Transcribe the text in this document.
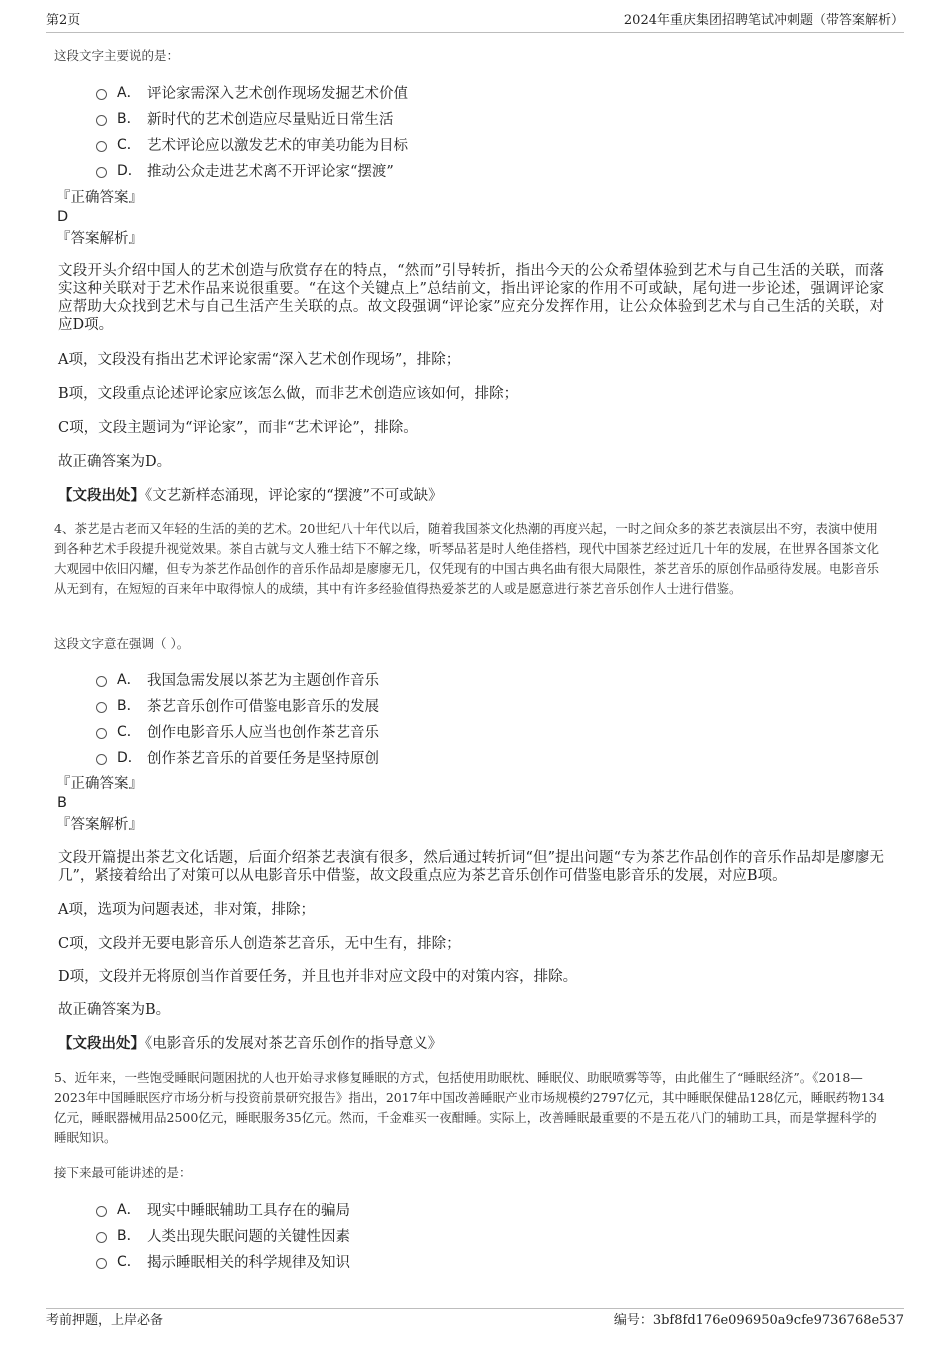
第2页	2024年重庆集团招聘笔试冲刺题（带答案解析）
这段文字主要说的是：
A． 评论家需深入艺术创作现场发掘艺术价值
B． 新时代的艺术创造应尽量贴近日常生活
C． 艺术评论应以激发艺术的审美功能为目标
D． 推动公众走进艺术离不开评论家“摆渡”
『正确答案』
D
『答案解析』
文段开头介绍中国人的艺术创造与欣赏存在的特点，“然而”引导转折，指出今天的公众希望体验到艺术与自己生活的关联，而落实这种关联对于艺术作品来说很重要。“在这个关键点上”总结前文，指出评论家的作用不可或缺，尾句进一步论述，强调评论家应帮助大众找到艺术与自己生活产生关联的点。故文段强调“评论家”应充分发挥作用，让公众体验到艺术与自己生活的关联，对应D项。
A项，文段没有指出艺术评论家需“深入艺术创作现场”，排除；
B项，文段重点论述评论家应该怎么做，而非艺术创造应该如何，排除；
C项，文段主题词为“评论家”，而非“艺术评论”，排除。
故正确答案为D。
【文段出处】《文艺新样态涌现，评论家的“摆渡”不可或缺》
4、茶艺是古老而又年轻的生活的美的艺术。20世纪八十年代以后，随着我国茶文化热潮的再度兴起，一时之间众多的茶艺表演层出不穷，表演中使用到各种艺术手段提升视觉效果。茶自古就与文人雅士结下不解之缘，听琴品茗是时人绝佳搭档，现代中国茶艺经过近几十年的发展，在世界各国茶文化大观园中依旧闪耀，但专为茶艺作品创作的音乐作品却是廖廖无几，仅凭现有的中国古典名曲有很大局限性，茶艺音乐的原创作品亟待发展。电影音乐从无到有，在短短的百来年中取得惊人的成绩，其中有许多经验值得热爱茶艺的人或是愿意进行茶艺音乐创作人士进行借鉴。
这段文字意在强调（ ）。
A． 我国急需发展以茶艺为主题创作音乐
B． 茶艺音乐创作可借鉴电影音乐的发展
C． 创作电影音乐人应当也创作茶艺音乐
D． 创作茶艺音乐的首要任务是坚持原创
『正确答案』
B
『答案解析』
文段开篇提出茶艺文化话题，后面介绍茶艺表演有很多，然后通过转折词“但”提出问题“专为茶艺作品创作的音乐作品却是廖廖无几”，紧接着给出了对策可以从电影音乐中借鉴，故文段重点应为茶艺音乐创作可借鉴电影音乐的发展，对应B项。
A项，选项为问题表述，非对策，排除；
C项，文段并无要电影音乐人创造茶艺音乐，无中生有，排除；
D项，文段并无将原创当作首要任务，并且也并非对应文段中的对策内容，排除。
故正确答案为B。
【文段出处】《电影音乐的发展对茶艺音乐创作的指导意义》
5、近年来，一些饱受睡眠问题困扰的人也开始寻求修复睡眠的方式，包括使用助眠枕、睡眠仪、助眠喷雾等等，由此催生了“睡眠经济”。《2018—2023年中国睡眠医疗市场分析与投资前景研究报告》指出，2017年中国改善睡眠产业市场规模约2797亿元，其中睡眠保健品128亿元，睡眠药物134亿元，睡眠器械用品2500亿元，睡眠服务35亿元。然而，千金难买一夜酣睡。实际上，改善睡眠最重要的不是五花八门的辅助工具，而是掌握科学的睡眠知识。
接下来最可能讲述的是：
A． 现实中睡眠辅助工具存在的骗局
B． 人类出现失眠问题的关键性因素
C． 揭示睡眠相关的科学规律及知识
考前押题，上岸必备	编号：3bf8fd176e096950a9cfe9736768e537
